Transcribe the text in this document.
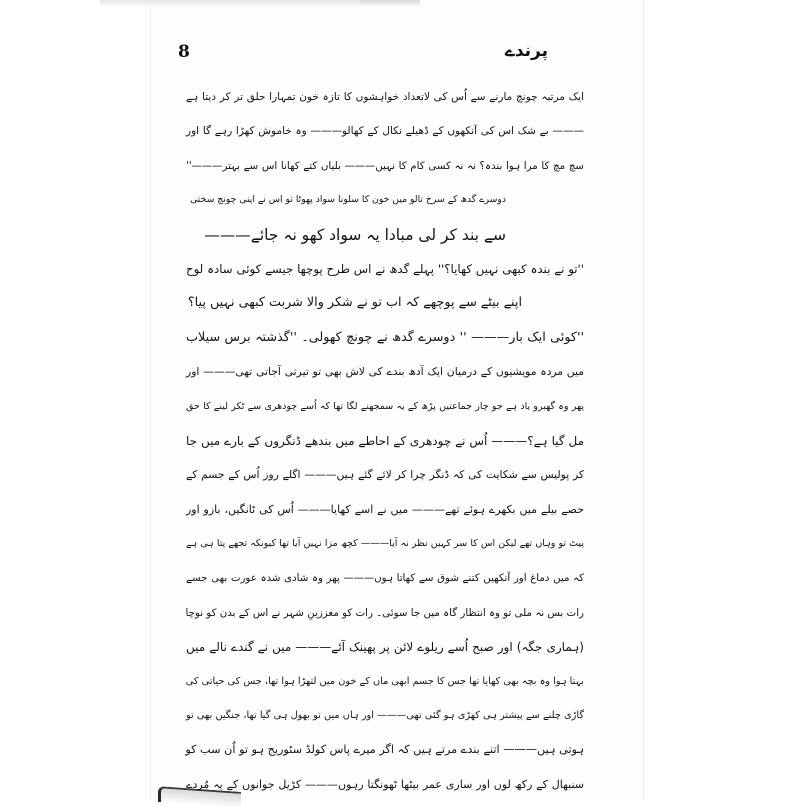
8	پرندے
ایک مرتبہ چونچ مارنے سے اُس کی لاتعداد خواہشوں کا تازہ خون تمہارا حلق تر کر دیتا ہے
——— بے شک اس کی آنکھوں کے ڈھیلے نکال کے کھالو——— وہ خاموش کھڑا رہے گا اور
سچ مچ کا مرا ہوا بندہ؟ نہ نہ کسی کام کا نہیں——— بلیاں کتے کھانا اس سے بہتر———''
دوسرے گدھ کے سرخ تالو میں خون کا سلونا سواد پھوٹا تو اس نے اپنی چونچ سختی
سے بند کر لی مبادا یہ سواد کھو نہ جائے———
''تو نے بندہ کبھی نہیں کھایا؟'' پہلے گدھ نے اس طرح پوچھا جیسے کوئی سادہ لوح
اپنے بیٹے سے پوچھے کہ اب تو نے شکر والا شربت کبھی نہیں پیا؟
''کوئی ایک بار——— '' دوسرے گدھ نے چونچ کھولی۔ ''گذشتہ برس سیلاب
میں مردہ مویشیوں کے درمیان ایک آدھ بندے کی لاش بھی تو تیرتی آجاتی تھی——— اور
پھر وہ گھبرو یاد ہے جو چار جماعتیں پڑھ کے یہ سمجھنے لگا تھا کہ اُسے چودھری سے ٹکر لینے کا حق
مل گیا ہے؟——— اُس نے چودھری کے احاطے میں بندھے ڈنگروں کے بارے میں جا
کر پولیس سے شکایت کی کہ ڈنگر چرا کر لائے گئے ہیں——— اگلے روز اُس کے جسم کے
حصے بیلے میں بکھرے ہوئے تھے——— میں نے اسے کھایا——— اُس کی ٹانگیں، بازو اور
پیٹ تو وہاں تھے لیکن اس کا سر کہیں نظر نہ آیا——— کچھ مزا نہیں آیا تھا کیونکہ تجھے پتا ہی ہے
کہ میں دماغ اور آنکھیں کتنے شوق سے کھاتا ہوں——— پھر وہ شادی شدہ عورت بھی جسے
رات بس نہ ملی تو وہ انتظار گاہ میں جا سوئی۔ رات کو معززینِ شہر نے اس کے بدن کو نوچا
(ہماری جگہ) اور صبح اُسے ریلوے لائن پر پھینک آئے——— میں نے گندے نالے میں
بہتا ہوا وہ بچہ بھی کھایا تھا جس کا جسم ابھی ماں کے خون میں لتھڑا ہوا تھا، جس کی حیاتی کی
گاڑی چلنے سے پیشتر ہی کھڑی ہو گئی تھی——— اور ہاں میں تو بھول ہی گیا تھا، جنگیں بھی تو
ہوتی ہیں——— اتنے بندے مرتے ہیں کہ اگر میرے پاس کولڈ سٹوریج ہو تو اُن سب کو
سنبھال کے رکھ لوں اور ساری عمر بیٹھا ٹھونگتا رہوں——— کڑیل جوانوں کے یہ مُردے
